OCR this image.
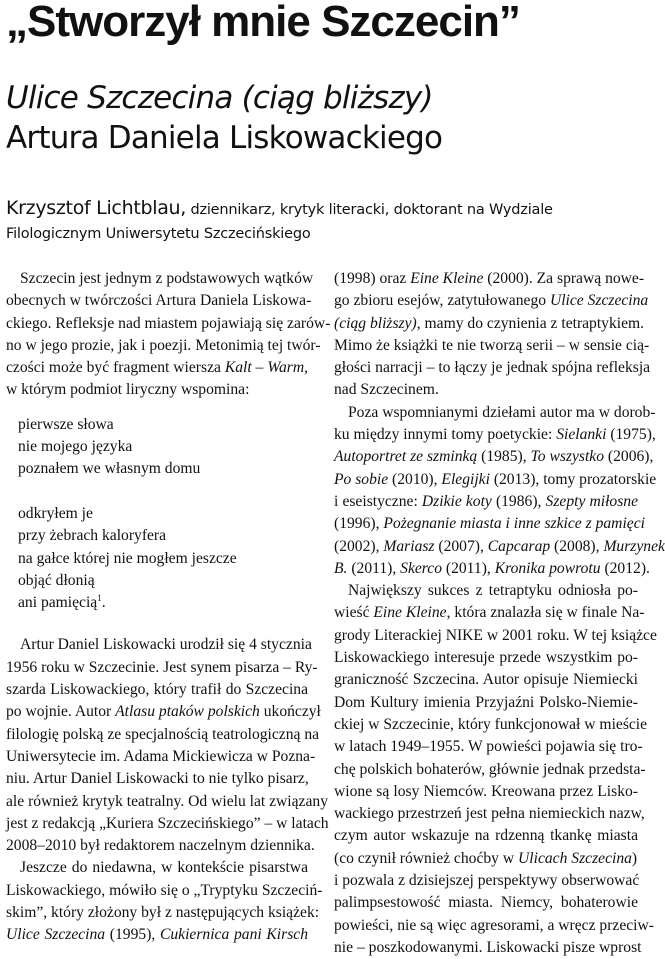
„Stworzył mnie Szczecin”
Ulice Szczecina (ciąg bliższy)
Artura Daniela Liskowackiego

Krzysztof Lichtblau, dziennikarz, krytyk literacki, doktorant na Wydziale Filologicznym Uniwersytetu Szczecińskiego

Szczecin jest jednym z podstawowych wątków
obecnych w twórczości Artura Daniela Liskowa-
ckiego. Refleksje nad miastem pojawiają się zarów-
no w jego prozie, jak i poezji. Metonimią tej twór-
czości może być fragment wiersza Kalt – Warm,
w którym podmiot liryczny wspomina:
pierwsze słowa
nie mojego języka
poznałem we własnym domu
odkryłem je
przy żebrach kaloryfera
na gałce której nie mogłem jeszcze
objąć dłonią
ani pamięcią$^1$.
Artur Daniel Liskowacki urodził się 4 stycznia
1956 roku w Szczecinie. Jest synem pisarza – Ry-
szarda Liskowackiego, który trafił do Szczecina
po wojnie. Autor Atlasu ptaków polskich ukończył
filologię polską ze specjalnością teatrologiczną na
Uniwersytecie im. Adama Mickiewicza w Pozna-
niu. Artur Daniel Liskowacki to nie tylko pisarz,
ale również krytyk teatralny. Od wielu lat związany
jest z redakcją „Kuriera Szczecińskiego” – w latach
2008–2010 był redaktorem naczelnym dziennika.
Jeszcze do niedawna, w kontekście pisarstwa
Liskowackiego, mówiło się o „Tryptyku Szczeciń-
skim”, który złożony był z następujących książek:
Ulice Szczecina (1995), Cukiernica pani Kirsch
(1998) oraz Eine Kleine (2000). Za sprawą nowe-
go zbioru esejów, zatytułowanego Ulice Szczecina
(ciąg bliższy), mamy do czynienia z tetraptykiem.
Mimo że książki te nie tworzą serii – w sensie cią-
głości narracji – to łączy je jednak spójna refleksja
nad Szczecinem.
Poza wspomnianymi dziełami autor ma w dorob-
ku między innymi tomy poetyckie: Sielanki (1975),
Autoportret ze szminką (1985), To wszystko (2006),
Po sobie (2010), Elegijki (2013), tomy prozatorskie
i eseistyczne: Dzikie koty (1986), Szepty miłosne
(1996), Pożegnanie miasta i inne szkice z pamięci
(2002), Mariasz (2007), Capcarap (2008), Murzynek
B. (2011), Skerco (2011), Kronika powrotu (2012).
Największy sukces z tetraptyku odniosła po-
wieść Eine Kleine, która znalazła się w finale Na-
grody Literackiej NIKE w 2001 roku. W tej książce
Liskowackiego interesuje przede wszystkim po-
graniczność Szczecina. Autor opisuje Niemiecki
Dom Kultury imienia Przyjaźni Polsko-Niemie-
ckiej w Szczecinie, który funkcjonował w mieście
w latach 1949–1955. W powieści pojawia się tro-
chę polskich bohaterów, głównie jednak przedsta-
wione są losy Niemców. Kreowana przez Lisko-
wackiego przestrzeń jest pełna niemieckich nazw,
czym autor wskazuje na rdzenną tkankę miasta
(co czynił również choćby w Ulicach Szczecina)
i pozwala z dzisiejszej perspektywy obserwować
palimpsestowość miasta. Niemcy, bohaterowie
powieści, nie są więc agresorami, a wręcz przeciw-
nie – poszkodowanymi. Liskowacki pisze wprost
